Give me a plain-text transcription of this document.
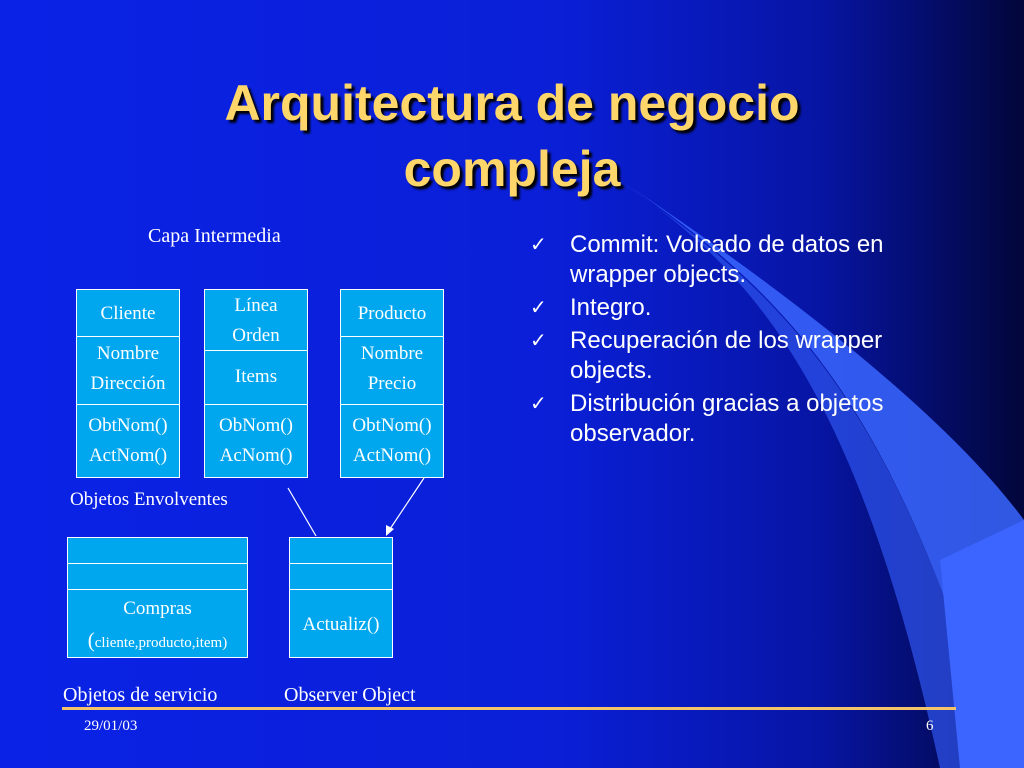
Arquitectura de negocio
compleja
Capa Intermedia
Cliente
Nombre
Dirección
ObtNom()
ActNom()
Línea
Orden
Items
ObNom()
AcNom()
Producto
Nombre
Precio
ObtNom()
ActNom()
Objetos Envolventes
Compras
(cliente,producto,item)
Actualiz()
Objetos de servicio	Observer Object
✓ Commit: Volcado de datos en wrapper objects.
✓ Integro.
✓ Recuperación de los wrapper objects.
✓ Distribución gracias a objetos observador.
29/01/03	6
